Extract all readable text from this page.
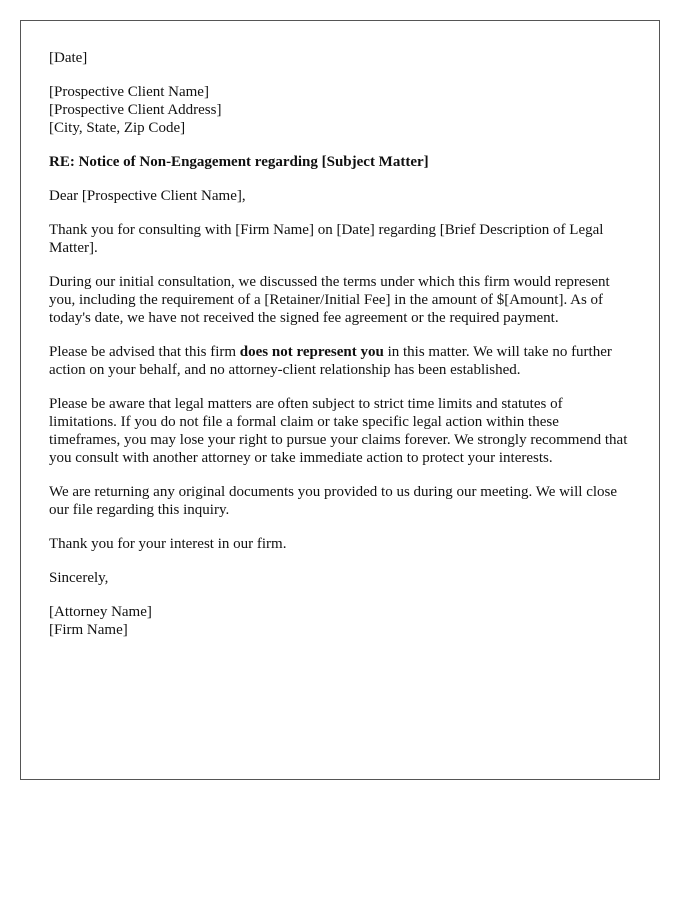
[Date]
[Prospective Client Name]
[Prospective Client Address]
[City, State, Zip Code]
RE: Notice of Non-Engagement regarding [Subject Matter]
Dear [Prospective Client Name],

Thank you for consulting with [Firm Name] on [Date] regarding [Brief Description of Legal Matter].

During our initial consultation, we discussed the terms under which this firm would represent you, including the requirement of a [Retainer/Initial Fee] in the amount of $[Amount]. As of today's date, we have not received the signed fee agreement or the required payment.

Please be advised that this firm does not represent you in this matter. We will take no further action on your behalf, and no attorney-client relationship has been established.

Please be aware that legal matters are often subject to strict time limits and statutes of limitations. If you do not file a formal claim or take specific legal action within these timeframes, you may lose your right to pursue your claims forever. We strongly recommend that you consult with another attorney or take immediate action to protect your interests.

We are returning any original documents you provided to us during our meeting. We will close our file regarding this inquiry.

Thank you for your interest in our firm.

Sincerely,
[Attorney Name]
[Firm Name]
